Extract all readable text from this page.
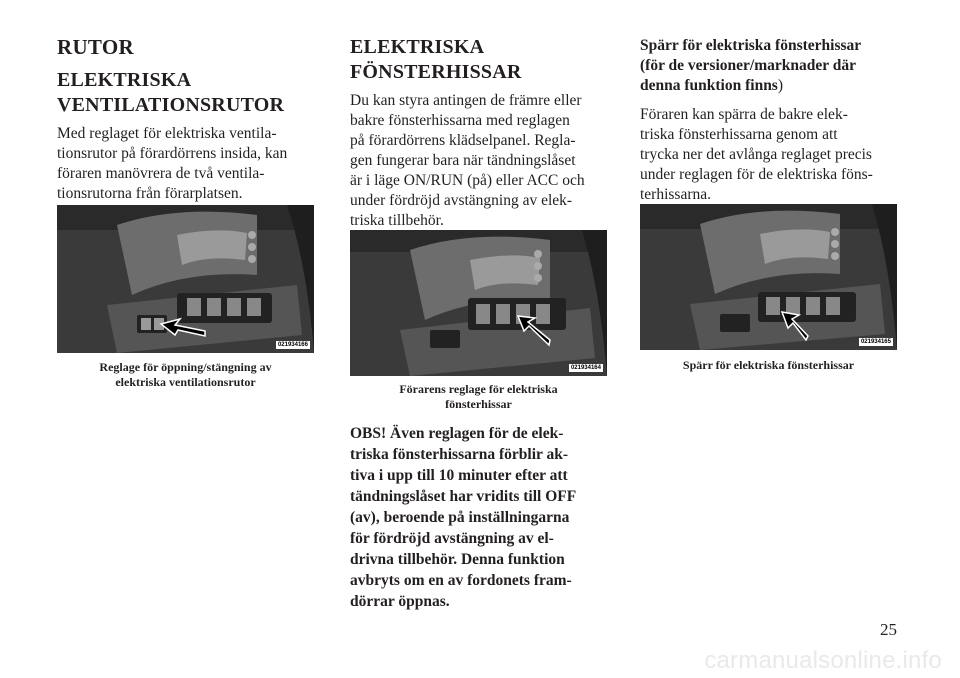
RUTOR
ELEKTRISKA
VENTILATIONSRUTOR
Med reglaget för elektriska ventila-
tionsrutor på förardörrens insida, kan
föraren manövrera de två ventila-
tionsrutorna från förarplatsen.
021934166
Reglage för öppning/stängning av
elektriska ventilationsrutor
ELEKTRISKA
FÖNSTERHISSAR
Du kan styra antingen de främre eller
bakre fönsterhissarna med reglagen
på förardörrens klädselpanel. Regla-
gen fungerar bara när tändningslåset
är i läge ON/RUN (på) eller ACC och
under fördröjd avstängning av elek-
triska tillbehör.
021934164
Förarens reglage för elektriska
fönsterhissar
OBS! Även reglagen för de elek-
triska fönsterhissarna förblir ak-
tiva i upp till 10 minuter efter att
tändningslåset har vridits till OFF
(av), beroende på inställningarna
för fördröjd avstängning av el-
drivna tillbehör. Denna funktion
avbryts om en av fordonets fram-
dörrar öppnas.
Spärr för elektriska fönsterhissar
(för de versioner/marknader där
denna funktion finns)
Föraren kan spärra de bakre elek-
triska fönsterhissarna genom att
trycka ner det avlånga reglaget precis
under reglagen för de elektriska föns-
terhissarna.
021934165
Spärr för elektriska fönsterhissar
25
carmanualsonline.info
